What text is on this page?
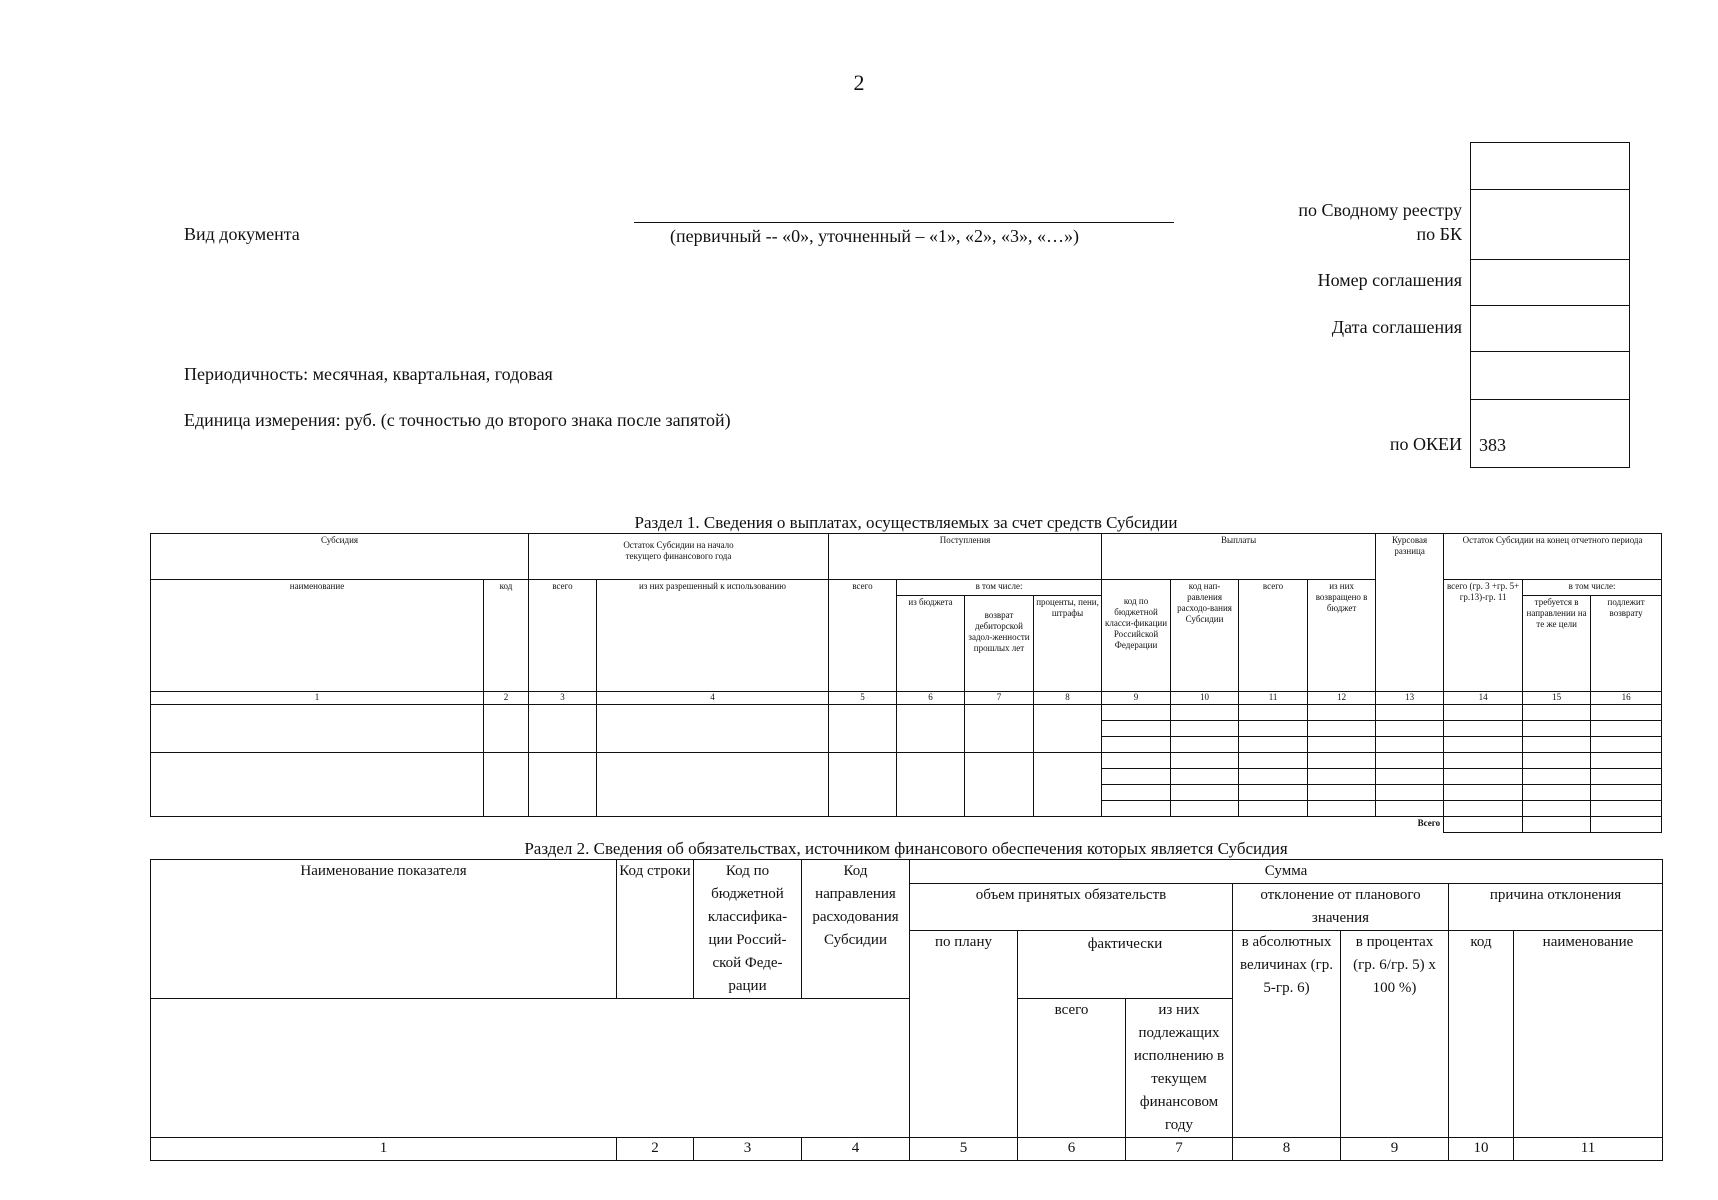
2
Вид документа	(первичный -- «0», уточненный – «1», «2», «3», «…»)
Периодичность: месячная, квартальная, годовая
Единица измерения: руб. (с точностью до второго знака после запятой)
по Сводному реестру
по БК
Номер соглашения
Дата соглашения
по ОКЕИ 383
Раздел 1. Сведения о выплатах, осуществляемых за счет средств Субсидии
Субсидия		Остаток Субсидии на начало текущего финансового года		Поступления				Выплаты				Курсовая разница	Остаток Субсидии на конец отчетного периода		
наименование	код	всего	из них разрешенный к использованию	всего	в том числе:			код по бюджетной класси-фикации Российской Федерации	код нап-равления расходо-вания Субсидии	всего	из них возвращено в бюджет		всего (гр. 3 +гр. 5+ гр.13)-гр. 11	в том числе:	
					из бюджета	возврат дебиторской задол-женности прошлых лет	проценты, пени, штрафы							требуется в направлении на те же цели	подлежит возврату
1	2	3	4	5	6	7	8	9	10	11	12	13	14	15	16

Всего															
Раздел 2. Сведения об обязательствах, источником финансового обеспечения которых является Субсидия
Наименование показателя	Код строки	Код по бюджетной классифика-ции Россий-ской Феде-рации	Код направления расходования Субсидии	Сумма						
				объем принятых обязательств			отклонение от планового значения		причина отклонения	
				по плану	фактически		в абсолютных величинах (гр. 5-гр. 6)	в процентах (гр. 6/гр. 5) х 100 %)	код	наименование
					всего	из них подлежащих исполнению в текущем финансовом году				
1	2	3	4	5	6	7	8	9	10	11
